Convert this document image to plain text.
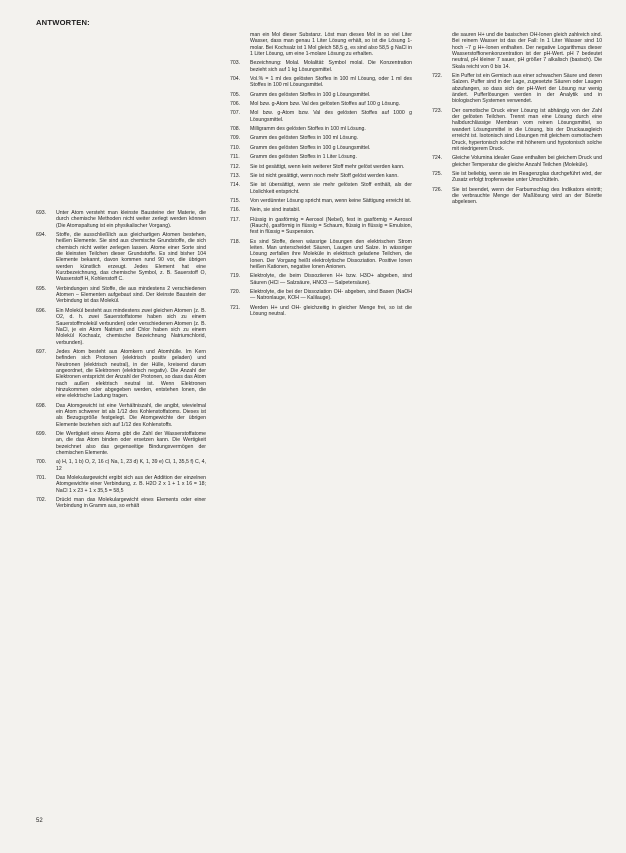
ANTWORTEN:
693.	Unter Atom versteht man kleinste Bausteine der Materie, die durch chemische Methoden nicht weiter zerlegt werden können (Die Atomspaltung ist ein physikalischer Vorgang).
694.	Stoffe, die ausschließlich aus gleichartigen Atomen bestehen, heißen Elemente. Sie sind aus chemische Grundstoffe, die sich chemisch nicht weiter zerlegen lassen. Atome einer Sorte sind die kleinsten Teilchen dieser Grundstoffe. Es sind bisher 104 Elemente bekannt, davon kommen rund 90 vor, die übrigen werden künstlich erzeugt. Jedes Element hat eine Kurzbezeichnung, das chemische Symbol, z. B. Sauerstoff O, Wasserstoff H, Kohlenstoff C.
695.	Verbindungen sind Stoffe, die aus mindestens 2 verschiedenen Atomen – Elementen aufgebaut sind. Der kleinste Baustein der Verbindung ist das Molekül.
696.	Ein Molekül besteht aus mindestens zwei gleichen Atomen (z. B. O2, d. h. zwei Sauerstoffatome haben sich zu einem Sauerstoffmolekül verbunden) oder verschiedenen Atomen (z. B. NaCl, je ein Atom Natrium und Chlor haben sich zu einem Molekül Kochsalz, chemische Bezeichnung Natriumchlorid, verbunden).
697.	Jedes Atom besteht aus Atomkern und Atomhülle. Im Kern befinden sich Protonen (elektrisch positiv geladen) und Neutronen (elektrisch neutral), in der Hülle, kreisend darum angeordnet, die Elektronen (elektrisch negativ). Die Anzahl der Elektronen entspricht der Anzahl der Protonen, so dass das Atom nach außen elektrisch neutral ist. Wenn Elektronen hinzukommen oder abgegeben werden, entstehen Ionen, die eine elektrische Ladung tragen.
698.	Das Atomgewicht ist eine Verhältniszahl, die angibt, wievielmal ein Atom schwerer ist als 1/12 des Kohlenstoffatoms. Dieses ist als Bezugsgröße festgelegt. Die Atomgewichte der übrigen Elemente beziehen sich auf 1/12 des Kohlenstoffs.
699.	Die Wertigkeit eines Atoms gibt die Zahl der Wasserstoffatome an, die das Atom binden oder ersetzen kann. Die Wertigkeit bezeichnet also das gegenseitige Bindungsvermögen der chemischen Elemente.
700.	a) H, 1, 1 b) O, 2, 16 c) Na, 1, 23 d) K, 1, 39 e) Cl, 1, 35,5 f) C, 4, 12
701.	Das Molekulargewicht ergibt sich aus der Addition der einzelnen Atomgewichte einer Verbindung, z. B. H2O 2 x 1 + 1 x 16 = 18; NaCl 1 x 23 + 1 x 35,5 = 58,5
702.	Drückt man das Molekulargewicht eines Elements oder einer Verbindung in Gramm aus, so erhält
man ein Mol dieser Substanz. Löst man dieses Mol in so viel Liter Wasser, dass man genau 1 Liter Lösung erhält, so ist die Lösung 1-molar. Bei Kochsalz ist 1 Mol gleich 58,5 g, es sind also 58,5 g NaCl in 1 Liter Lösung, um eine 1-molare Lösung zu erhalten.
703.	Bezeichnung: Molal. Molalität: Symbol molal. Die Konzentration bezieht sich auf 1 kg Lösungsmittel.
704.	Vol.% = 1 ml des gelösten Stoffes in 100 ml Lösung, oder 1 ml des Stoffes in 100 ml Lösungsmittel.
705.	Gramm des gelösten Stoffes in 100 g Lösungsmittel.
706.	Mol bzw. g-Atom bzw. Val des gelösten Stoffes auf 100 g Lösung.
707.	Mol bzw. g-Atom bzw. Val des gelösten Stoffes auf 1000 g Lösungsmittel.
708.	Milligramm des gelösten Stoffes in 100 ml Lösung.
709.	Gramm des gelösten Stoffes in 100 ml Lösung.
710.	Gramm des gelösten Stoffes in 100 g Lösungsmittel.
711.	Gramm des gelösten Stoffes in 1 Liter Lösung.
712.	Sie ist gesättigt, wenn kein weiterer Stoff mehr gelöst werden kann.
713.	Sie ist nicht gesättigt, wenn noch mehr Stoff gelöst werden kann.
714.	Sie ist übersättigt, wenn sie mehr gelösten Stoff enthält, als der Löslichkeit entspricht.
715.	Von verdünnter Lösung spricht man, wenn keine Sättigung erreicht ist.
716.	Nein, sie sind instabil.
717.	Flüssig in gasförmig = Aerosol (Nebel), fest in gasförmig = Aerosol (Rauch), gasförmig in flüssig = Schaum, flüssig in flüssig = Emulsion, fest in flüssig = Suspension.
718.	Es sind Stoffe, deren wässrige Lösungen den elektrischen Strom leiten. Man unterscheidet Säuren, Laugen und Salze. In wässriger Lösung zerfallen ihre Moleküle in elektrisch geladene Teilchen, die Ionen. Der Vorgang heißt elektrolytische Dissoziation. Positive Ionen heißen Kationen, negative Ionen Anionen.
719.	Elektrolyte, die beim Dissoziieren H+ bzw. H3O+ abgeben, sind Säuren (HCl — Salzsäure, HNO3 — Salpetersäure).
720.	Elektrolyte, die bei der Dissoziation OH- abgeben, sind Basen (NaOH — Natronlauge, KOH — Kalilauge).
721.	Werden H+ und OH- gleichzeitig in gleicher Menge frei, so ist die Lösung neutral.
die sauren H+ und die basischen OH-Ionen gleich zahlreich sind. Bei reinem Wasser ist das der Fall: In 1 Liter Wasser sind 10 hoch −7 g H+-Ionen enthalten. Der negative Logarithmus dieser Wasserstoffionenkonzentration ist der pH-Wert. pH 7 bedeutet neutral, pH kleiner 7 sauer, pH größer 7 alkalisch (basisch). Die Skala reicht von 0 bis 14.
722.	Ein Puffer ist ein Gemisch aus einer schwachen Säure und deren Salzen. Puffer sind in der Lage, zugesetzte Säuren oder Laugen abzufangen, so dass sich der pH-Wert der Lösung nur wenig ändert. Pufferlösungen werden in der Analytik und in biologischen Systemen verwendet.
723.	Der osmotische Druck einer Lösung ist abhängig von der Zahl der gelösten Teilchen. Trennt man eine Lösung durch eine halbdurchlässige Membran vom reinen Lösungsmittel, so wandert Lösungsmittel in die Lösung, bis der Druckausgleich erreicht ist. Isotonisch sind Lösungen mit gleichem osmotischem Druck, hypertonisch solche mit höherem und hypotonisch solche mit niedrigerem Druck.
724.	Gleiche Volumina idealer Gase enthalten bei gleichem Druck und gleicher Temperatur die gleiche Anzahl Teilchen (Moleküle).
725.	Sie ist beliebig, wenn sie im Reagenzglas durchgeführt wird, der Zusatz erfolgt tropfenweise unter Umschütteln.
726.	Sie ist beendet, wenn der Farbumschlag des Indikators eintritt; die verbrauchte Menge der Maßlösung wird an der Bürette abgelesen.
52
